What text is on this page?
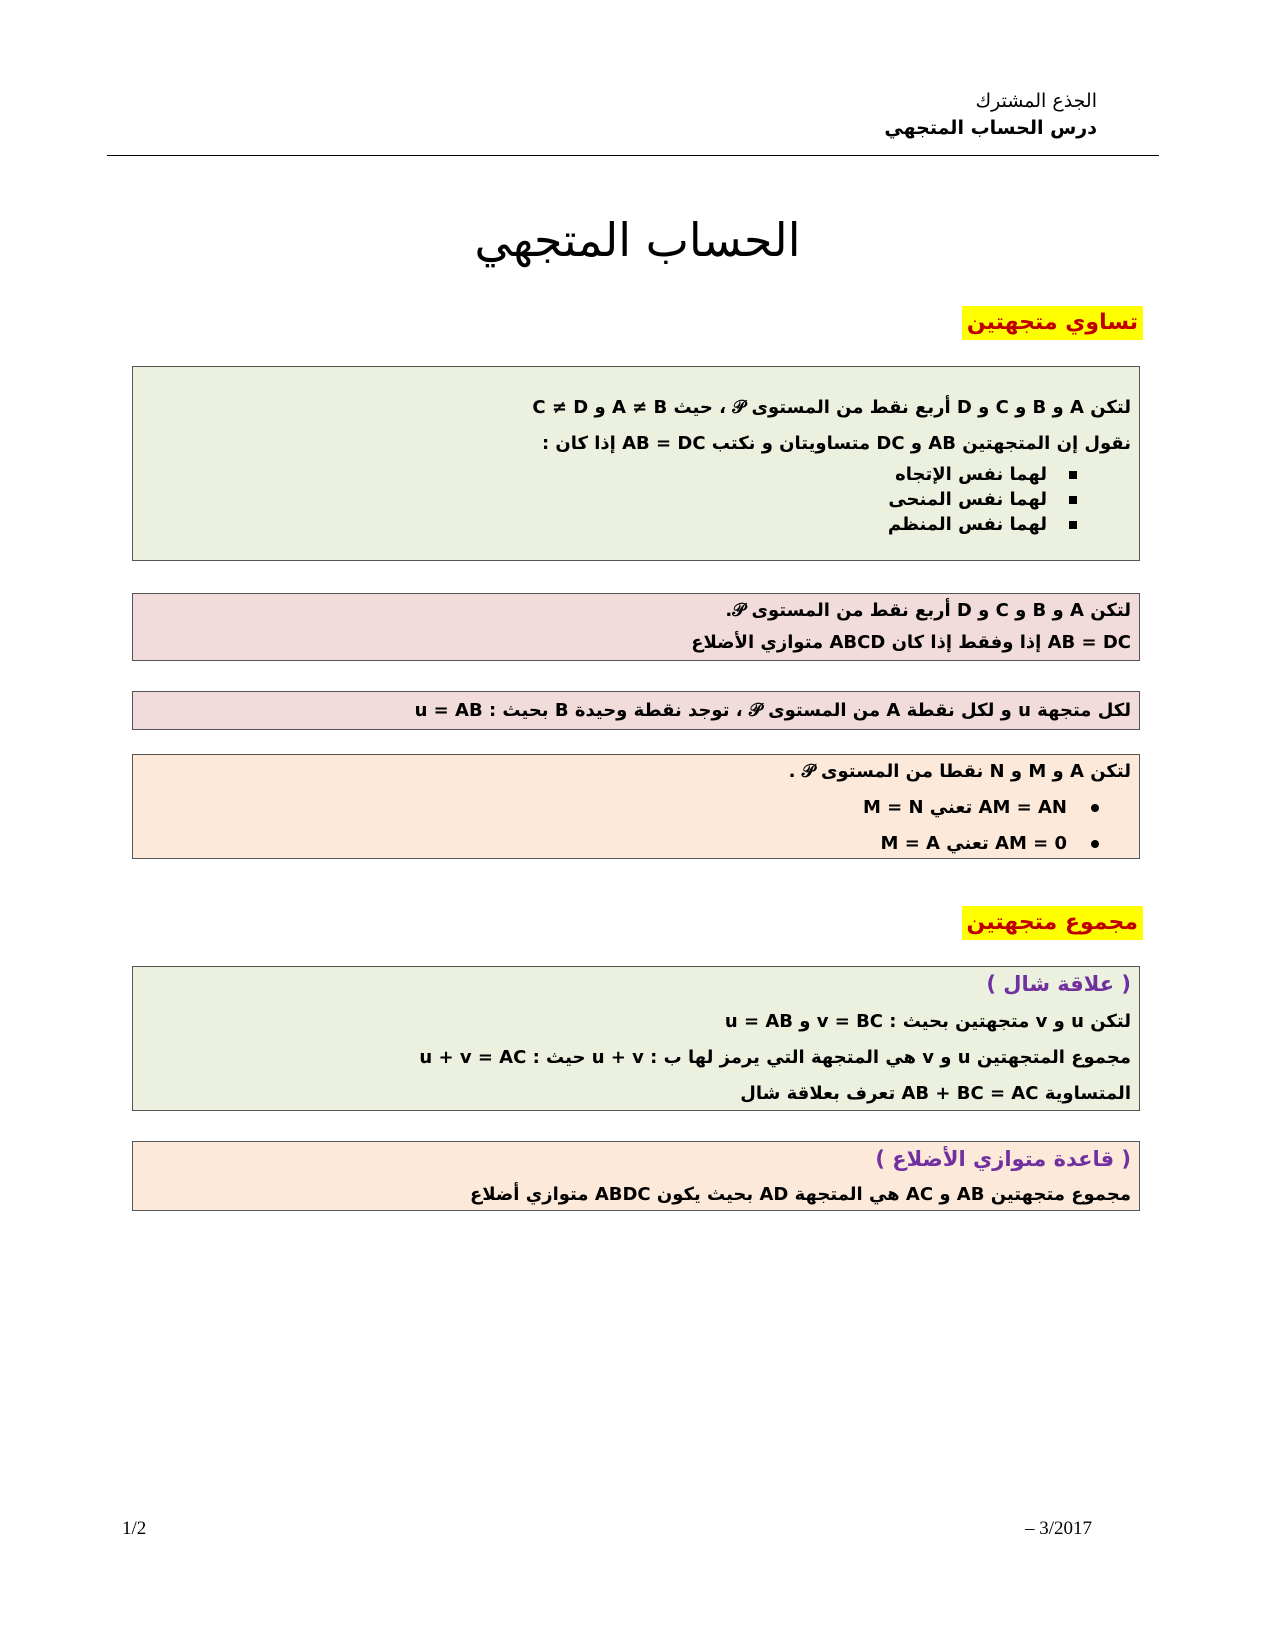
الجذع المشترك
درس الحساب المتجهي
الحساب المتجهي
تساوي متجهتين
لتكن A و B و C و D أربع نقط من المستوى 𝒫 ، حيث A ≠ B و C ≠ D
نقول إن المتجهتين AB و DC متساويتان و نكتب AB = DC إذا كان :
لهما نفس الإتجاه
لهما نفس المنحى
لهما نفس المنظم
لتكن A و B و C و D أربع نقط من المستوى 𝒫.
AB = DC إذا وفقط إذا كان ABCD متوازي الأضلاع
لكل متجهة u و لكل نقطة A من المستوى 𝒫 ، توجد نقطة وحيدة B بحيث : u = AB
لتكن A و M و N نقطا من المستوى 𝒫 .
AM = AN تعني M = N
AM = 0 تعني M = A
مجموع متجهتين
( علاقة شال )
لتكن u و v متجهتين بحيث : v = BC و u = AB
مجموع المتجهتين u و v هي المتجهة التي يرمز لها ب : u + v حيث : u + v = AC
المتساوية AB + BC = AC تعرف بعلاقة شال
( قاعدة متوازي الأضلاع )
مجموع متجهتين AB و AC هي المتجهة AD بحيث يكون ABDC متوازي أضلاع
1/2	– 3/2017
